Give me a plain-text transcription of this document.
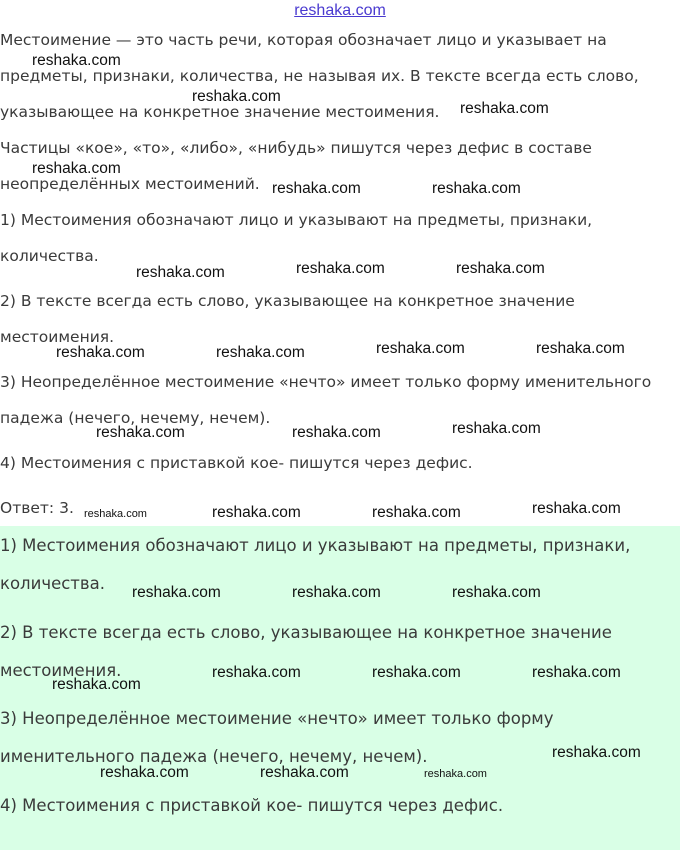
reshaka.com
Местоимение — это часть речи, которая обозначает лицо и указывает на
предметы, признаки, количества, не называя их. В тексте всегда есть слово,
указывающее на конкретное значение местоимения.
Частицы «кое», «то», «либо», «нибудь» пишутся через дефис в составе
неопределённых местоимений.
1) Местоимения обозначают лицо и указывают на предметы, признаки,
количества.
2) В тексте всегда есть слово, указывающее на конкретное значение
местоимения.
3) Неопределённое местоимение «нечто» имеет только форму именительного
падежа (нечего, нечему, нечем).
4) Местоимения с приставкой кое- пишутся через дефис.
Ответ: 3.
1) Местоимения обозначают лицо и указывают на предметы, признаки,
количества.
2) В тексте всегда есть слово, указывающее на конкретное значение
местоимения.
3) Неопределённое местоимение «нечто» имеет только форму
именительного падежа (нечего, нечему, нечем).
4) Местоимения с приставкой кое- пишутся через дефис.
reshaka.com
reshaka.com
reshaka.com
reshaka.com
reshaka.com	reshaka.com
reshaka.com	reshaka.com	reshaka.com
reshaka.com	reshaka.com	reshaka.com	reshaka.com
reshaka.com	reshaka.com	reshaka.com
reshaka.com	reshaka.com	reshaka.com	reshaka.com
reshaka.com	reshaka.com	reshaka.com
reshaka.com	reshaka.com	reshaka.com
reshaka.com
reshaka.com
reshaka.com	reshaka.com	reshaka.com
